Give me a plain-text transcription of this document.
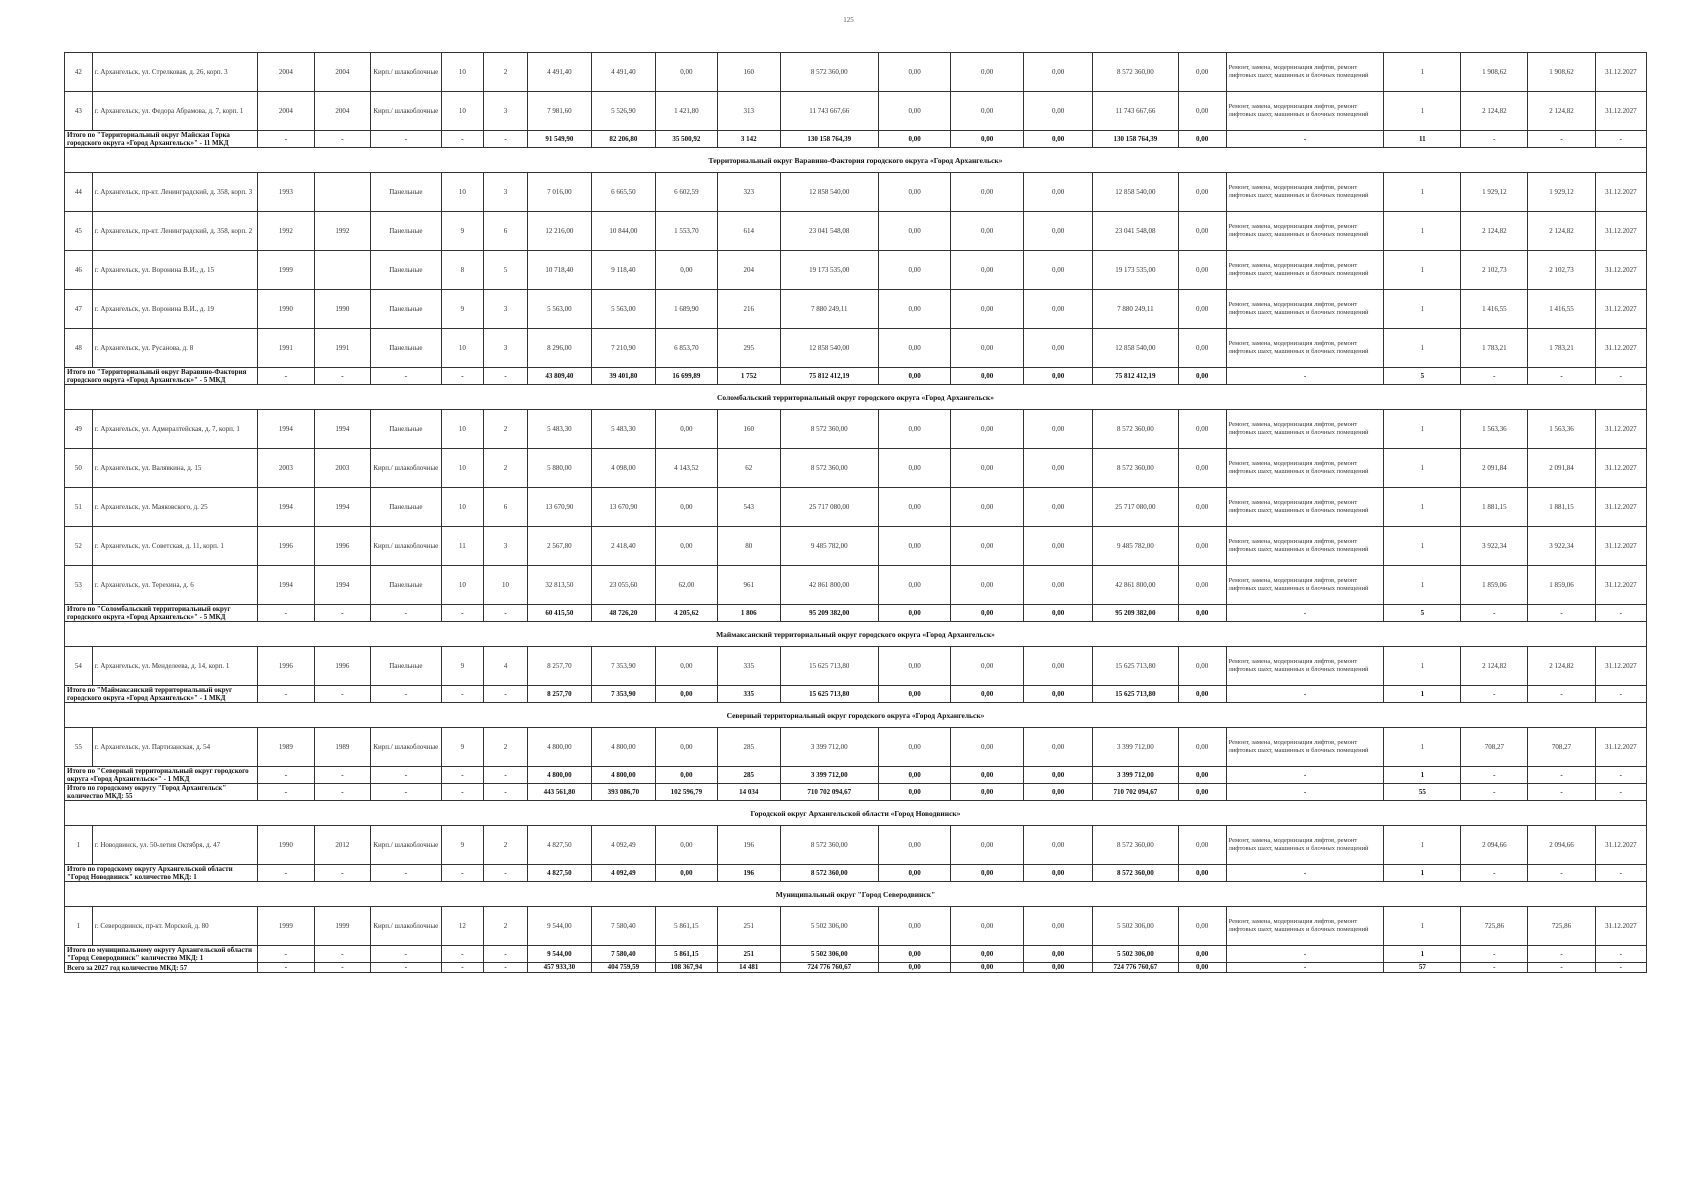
125
42	г. Архангельск, ул. Стрелковая, д. 26, корп. 3	2004	2004	Кирп./ шлакоблочные	10	2	4 491,40	4 491,40	0,00	160	8 572 360,00	0,00	0,00	0,00	8 572 360,00	0,00	Ремонт, замена, модернизация лифтов, ремонт лифтовых шахт, машинных и блочных помещений	1	1 908,62	1 908,62	31.12.2027
43	г. Архангельск, ул. Федора Абрамова, д. 7, корп. 1	2004	2004	Кирп./ шлакоблочные	10	3	7 981,60	5 526,90	1 421,80	313	11 743 667,66	0,00	0,00	0,00	11 743 667,66	0,00	Ремонт, замена, модернизация лифтов, ремонт лифтовых шахт, машинных и блочных помещений	1	2 124,82	2 124,82	31.12.2027
Итого по "Территориальный округ Майская Горка городского округа «Город Архангельск»" - 11 МКД		-	-	-	-	-	91 549,90	82 206,80	35 500,92	3 142	130 158 764,39	0,00	0,00	0,00	130 158 764,39	0,00	-	11	-	-	-
Территориальный округ Варавино-Фактория городского округа «Город Архангельск»																					
44	г. Архангельск, пр-кт. Ленинградский, д. 358, корп. 3	1993		Панельные	10	3	7 016,00	6 665,50	6 602,59	323	12 858 540,00	0,00	0,00	0,00	12 858 540,00	0,00	Ремонт, замена, модернизация лифтов, ремонт лифтовых шахт, машинных и блочных помещений	1	1 929,12	1 929,12	31.12.2027
45	г. Архангельск, пр-кт. Ленинградский, д. 358, корп. 2	1992	1992	Панельные	9	6	12 216,00	10 844,00	1 553,70	614	23 041 548,08	0,00	0,00	0,00	23 041 548,08	0,00	Ремонт, замена, модернизация лифтов, ремонт лифтовых шахт, машинных и блочных помещений	1	2 124,82	2 124,82	31.12.2027
46	г. Архангельск, ул. Воронина В.И., д. 15	1999		Панельные	8	5	10 718,40	9 118,40	0,00	204	19 173 535,00	0,00	0,00	0,00	19 173 535,00	0,00	Ремонт, замена, модернизация лифтов, ремонт лифтовых шахт, машинных и блочных помещений	1	2 102,73	2 102,73	31.12.2027
47	г. Архангельск, ул. Воронина В.И., д. 19	1990	1990	Панельные	9	3	5 563,00	5 563,00	1 689,90	216	7 880 249,11	0,00	0,00	0,00	7 880 249,11	0,00	Ремонт, замена, модернизация лифтов, ремонт лифтовых шахт, машинных и блочных помещений	1	1 416,55	1 416,55	31.12.2027
48	г. Архангельск, ул. Русанова, д. 8	1991	1991	Панельные	10	3	8 296,00	7 210,90	6 853,70	295	12 858 540,00	0,00	0,00	0,00	12 858 540,00	0,00	Ремонт, замена, модернизация лифтов, ремонт лифтовых шахт, машинных и блочных помещений	1	1 783,21	1 783,21	31.12.2027
Итого по "Территориальный округ Варавино-Фактория городского округа «Город Архангельск»" - 5 МКД		-	-	-	-	-	43 809,40	39 401,80	16 699,89	1 752	75 812 412,19	0,00	0,00	0,00	75 812 412,19	0,00	-	5	-	-	-
Соломбальский территориальный округ городского округа «Город Архангельск»																					
49	г. Архангельск, ул. Адмиралтейская, д. 7, корп. 1	1994	1994	Панельные	10	2	5 483,30	5 483,30	0,00	160	8 572 360,00	0,00	0,00	0,00	8 572 360,00	0,00	Ремонт, замена, модернизация лифтов, ремонт лифтовых шахт, машинных и блочных помещений	1	1 563,36	1 563,36	31.12.2027
50	г. Архангельск, ул. Валявкина, д. 15	2003	2003	Кирп./ шлакоблочные	10	2	5 880,00	4 098,00	4 143,52	62	8 572 360,00	0,00	0,00	0,00	8 572 360,00	0,00	Ремонт, замена, модернизация лифтов, ремонт лифтовых шахт, машинных и блочных помещений	1	2 091,84	2 091,84	31.12.2027
51	г. Архангельск, ул. Маяковского, д. 25	1994	1994	Панельные	10	6	13 670,90	13 670,90	0,00	543	25 717 080,00	0,00	0,00	0,00	25 717 080,00	0,00	Ремонт, замена, модернизация лифтов, ремонт лифтовых шахт, машинных и блочных помещений	1	1 881,15	1 881,15	31.12.2027
52	г. Архангельск, ул. Советская, д. 11, корп. 1	1996	1996	Кирп./ шлакоблочные	11	3	2 567,80	2 418,40	0,00	80	9 485 782,00	0,00	0,00	0,00	9 485 782,00	0,00	Ремонт, замена, модернизация лифтов, ремонт лифтовых шахт, машинных и блочных помещений	1	3 922,34	3 922,34	31.12.2027
53	г. Архангельск, ул. Терехина, д. 6	1994	1994	Панельные	10	10	32 813,50	23 055,60	62,00	961	42 861 800,00	0,00	0,00	0,00	42 861 800,00	0,00	Ремонт, замена, модернизация лифтов, ремонт лифтовых шахт, машинных и блочных помещений	1	1 859,06	1 859,06	31.12.2027
Итого по "Соломбальский территориальный округ городского округа «Город Архангельск»" - 5 МКД		-	-	-	-	-	60 415,50	48 726,20	4 205,62	1 806	95 209 382,00	0,00	0,00	0,00	95 209 382,00	0,00	-	5	-	-	-
Маймаксанский территориальный округ городского округа «Город Архангельск»																					
54	г. Архангельск, ул. Менделеева, д. 14, корп. 1	1996	1996	Панельные	9	4	8 257,70	7 353,90	0,00	335	15 625 713,80	0,00	0,00	0,00	15 625 713,80	0,00	Ремонт, замена, модернизация лифтов, ремонт лифтовых шахт, машинных и блочных помещений	1	2 124,82	2 124,82	31.12.2027
Итого по "Маймаксанский территориальный округ городского округа «Город Архангельск»" - 1 МКД		-	-	-	-	-	8 257,70	7 353,90	0,00	335	15 625 713,80	0,00	0,00	0,00	15 625 713,80	0,00	-	1	-	-	-
Северный территориальный округ городского округа «Город Архангельск»																					
55	г. Архангельск, ул. Партизанская, д. 54	1989	1989	Кирп./ шлакоблочные	9	2	4 800,00	4 800,00	0,00	285	3 399 712,00	0,00	0,00	0,00	3 399 712,00	0,00	Ремонт, замена, модернизация лифтов, ремонт лифтовых шахт, машинных и блочных помещений	1	708,27	708,27	31.12.2027
Итого по "Северный территориальный округ городского округа «Город Архангельск»" - 1 МКД		-	-	-	-	-	4 800,00	4 800,00	0,00	285	3 399 712,00	0,00	0,00	0,00	3 399 712,00	0,00	-	1	-	-	-
Итого по городскому округу "Город Архангельск" количество МКД: 55		-	-	-	-	-	443 561,80	393 086,70	102 596,79	14 034	710 702 094,67	0,00	0,00	0,00	710 702 094,67	0,00	-	55	-	-	-
Городской округ Архангельской области «Город Новодвинск»																					
1	г. Новодвинск, ул. 50-летия Октября, д. 47	1990	2012	Кирп./ шлакоблочные	9	2	4 827,50	4 092,49	0,00	196	8 572 360,00	0,00	0,00	0,00	8 572 360,00	0,00	Ремонт, замена, модернизация лифтов, ремонт лифтовых шахт, машинных и блочных помещений	1	2 094,66	2 094,66	31.12.2027
Итого по городскому округу Архангельской области "Город Новодвинск" количество МКД: 1		-	-	-	-	-	4 827,50	4 092,49	0,00	196	8 572 360,00	0,00	0,00	0,00	8 572 360,00	0,00	-	1	-	-	-
Муниципальный округ "Город Северодвинск"																					
1	г. Северодвинск, пр-кт. Морской, д. 80	1999	1999	Кирп./ шлакоблочные	12	2	9 544,00	7 580,40	5 861,15	251	5 502 306,00	0,00	0,00	0,00	5 502 306,00	0,00	Ремонт, замена, модернизация лифтов, ремонт лифтовых шахт, машинных и блочных помещений	1	725,86	725,86	31.12.2027
Итого по муниципальному округу Архангельской области "Город Северодвинск" количество МКД: 1		-	-	-	-	-	9 544,00	7 580,40	5 861,15	251	5 502 306,00	0,00	0,00	0,00	5 502 306,00	0,00	-	1	-	-	-
Всего за 2027 год количество МКД: 57		-	-	-	-	-	457 933,30	404 759,59	108 367,94	14 481	724 776 760,67	0,00	0,00	0,00	724 776 760,67	0,00	-	57	-	-	-
